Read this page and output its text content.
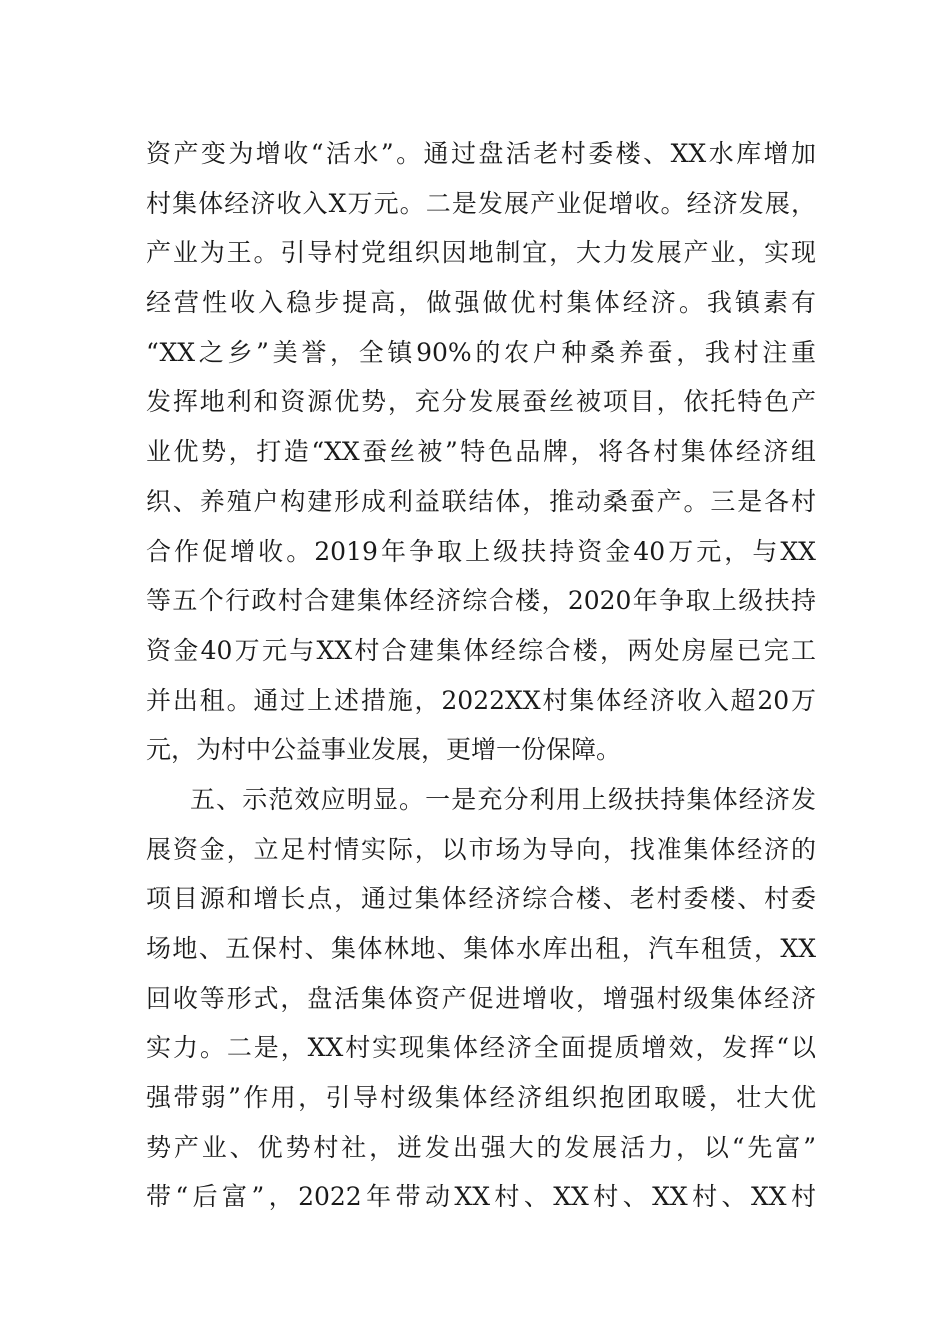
资产变为增收“活水”。通过盘活老村委楼、XX水库增加
村集体经济收入X万元。二是发展产业促增收。经济发展，
产业为王。引导村党组织因地制宜，大力发展产业，实现
经营性收入稳步提高，做强做优村集体经济。我镇素有
“XX之乡”美誉，全镇90%的农户种桑养蚕，我村注重
发挥地利和资源优势，充分发展蚕丝被项目，依托特色产
业优势，打造“XX蚕丝被”特色品牌，将各村集体经济组
织、养殖户构建形成利益联结体，推动桑蚕产。三是各村
合作促增收。2019年争取上级扶持资金40万元，与XX
等五个行政村合建集体经济综合楼，2020年争取上级扶持
资金40万元与XX村合建集体经综合楼，两处房屋已完工
并出租。通过上述措施，2022XX村集体经济收入超20万
元，为村中公益事业发展，更增一份保障。
五、示范效应明显。一是充分利用上级扶持集体经济发
展资金，立足村情实际，以市场为导向，找准集体经济的
项目源和增长点，通过集体经济综合楼、老村委楼、村委
场地、五保村、集体林地、集体水库出租，汽车租赁，XX
回收等形式，盘活集体资产促进增收，增强村级集体经济
实力。二是，XX村实现集体经济全面提质增效，发挥“以
强带弱”作用，引导村级集体经济组织抱团取暖，壮大优
势产业、优势村社，迸发出强大的发展活力，以“先富”
带“后富”，2022年带动XX村、XX村、XX村、XX村
